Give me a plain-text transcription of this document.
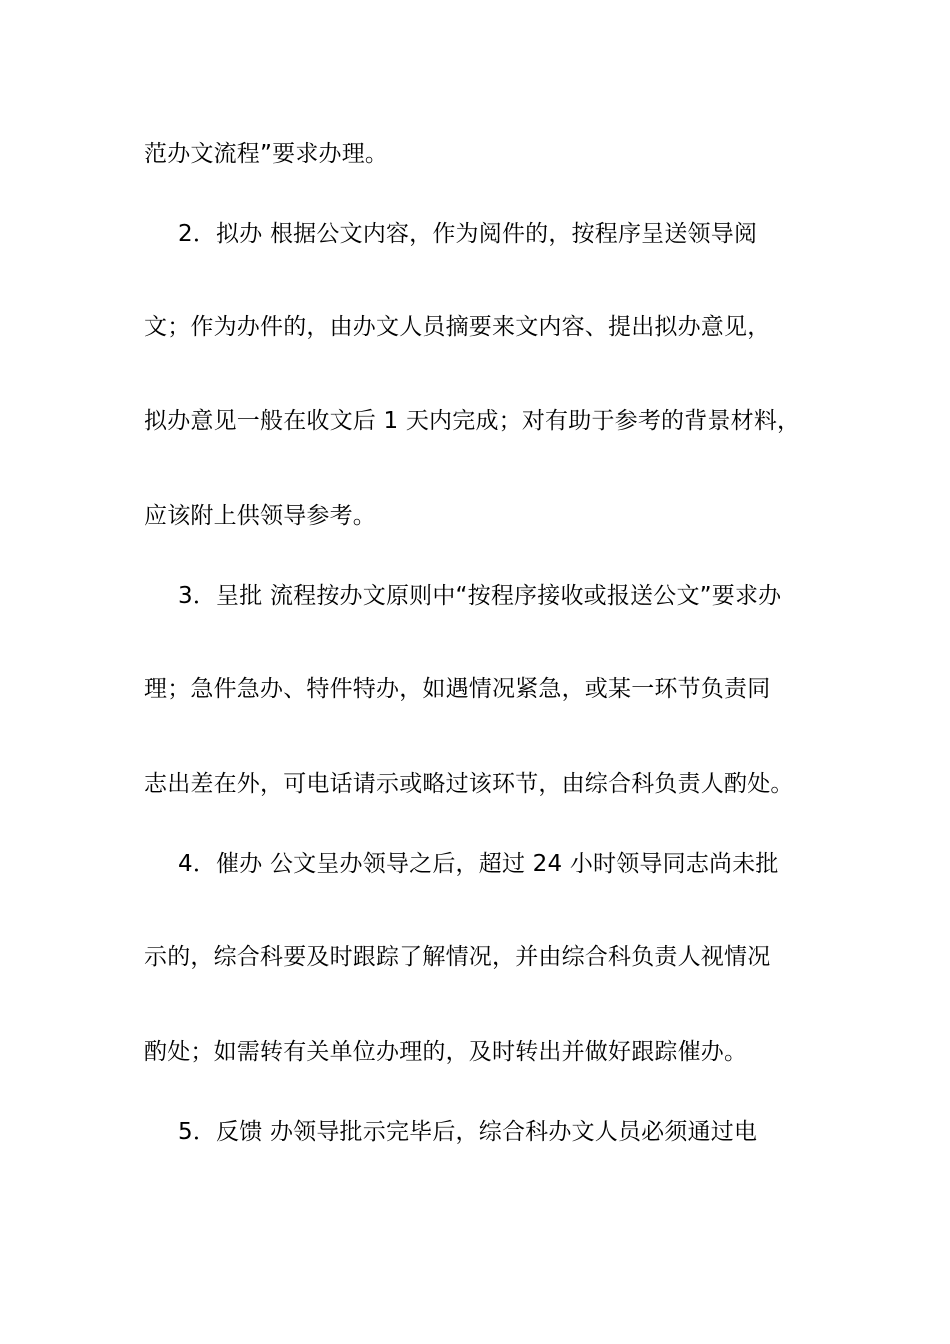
范办文流程”要求办理。
2．拟办 根据公文内容，作为阅件的，按程序呈送领导阅
文；作为办件的，由办文人员摘要来文内容、提出拟办意见，
拟办意见一般在收文后 1 天内完成；对有助于参考的背景材料，
应该附上供领导参考。
3．呈批 流程按办文原则中“按程序接收或报送公文”要求办
理；急件急办、特件特办，如遇情况紧急，或某一环节负责同
志出差在外，可电话请示或略过该环节，由综合科负责人酌处。
4．催办 公文呈办领导之后，超过 24 小时领导同志尚未批
示的，综合科要及时跟踪了解情况，并由综合科负责人视情况
酌处；如需转有关单位办理的，及时转出并做好跟踪催办。
5．反馈 办领导批示完毕后，综合科办文人员必须通过电
